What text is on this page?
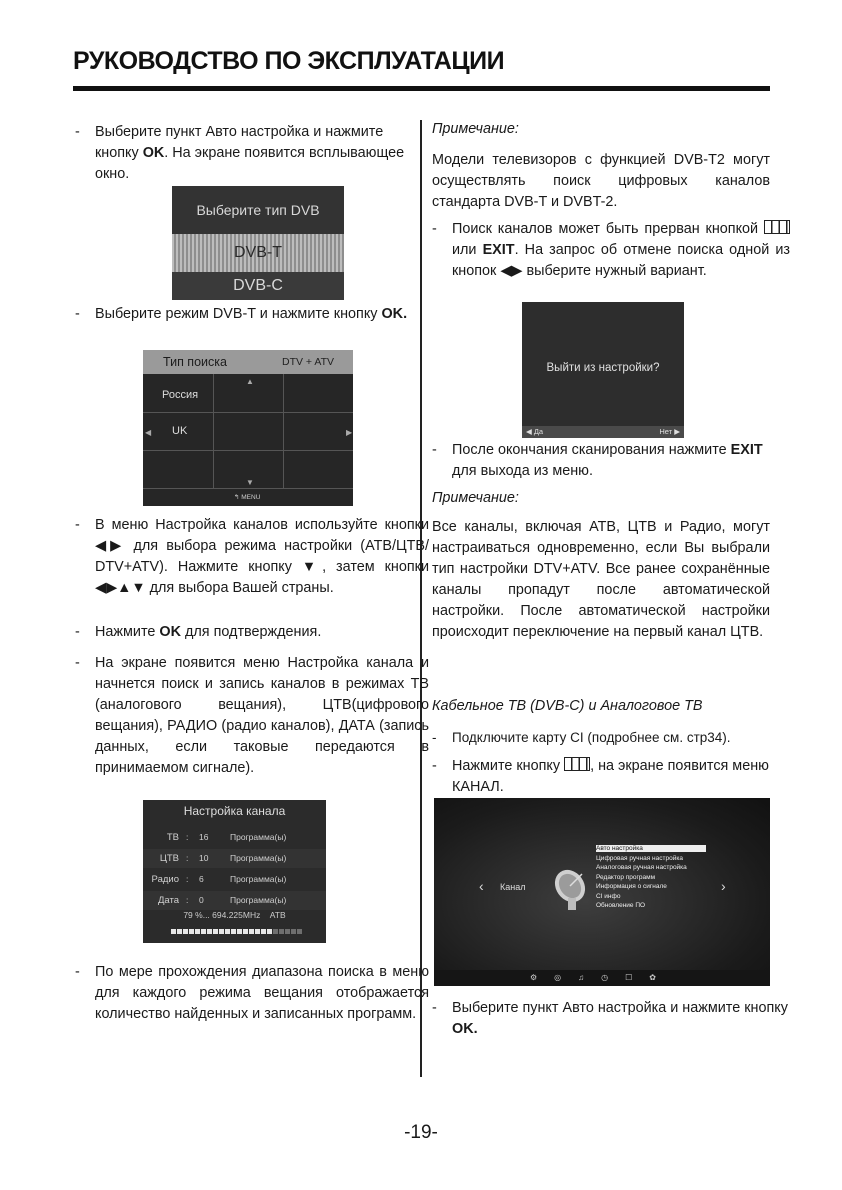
РУКОВОДСТВО ПО ЭКСПЛУАТАЦИИ
- Выберите пункт Авто настройка и нажмите кнопку OK. На экране появится всплывающее окно.
Выберите тип DVB
DVB-T
DVB-C
- Выберите режим DVB-T и нажмите кнопку OK.
Тип поиска	DTV + ATV
▲
Россия
◀ UK	▶
▼
↰ MENU
- В меню Настройка каналов используйте кнопки ◀▶ для выбора режима настройки (АТВ/ЦТВ/ DTV+ATV). Нажмите кнопку ▼, затем кнопки ◀▶▲▼ для выбора Вашей страны.
- Нажмите OK для подтверждения.
- На экране появится меню Настройка канала и начнется поиск и запись каналов в режимах ТВ (аналогового вещания), ЦТВ(цифрового вещания), РАДИО (радио каналов), ДАТА (запись данных, если таковые передаются в принимаемом сигнале).
Настройка канала
ТВ : 16	Программа(ы)
ЦТВ : 10	Программа(ы)
Радио : 6	Программа(ы)
Дата : 0	Программа(ы)
79 %... 694.225MHz    АТВ
- По мере прохождения диапазона поиска в меню для каждого режима вещания отображается количество найденных и записанных программ.
Примечание:
Модели телевизоров с функцией DVB-T2 могут осуществлять поиск цифровых каналов стандарта DVB-T и DVBT-2.
- Поиск каналов может быть прерван кнопкой  или EXIT. На запрос об отмене поиска одной из кнопок ◀▶ выберите нужный вариант.
Выйти из настройки?
◀ Да	Нет ▶
- После окончания сканирования нажмите EXIT для выхода из меню.
Примечание:
Все каналы, включая АТВ, ЦТВ и Радио, могут настраиваться одновременно, если Вы выбрали тип настройки DTV+ATV. Все ранее сохранённые каналы пропадут после автоматической настройки. После автоматической настройки происходит переключение на первый канал ЦТВ.
Кабельное ТВ (DVB-C) и Аналоговое ТВ
- Подключите карту CI (подробнее см. стр34).
- Нажмите кнопку , на экране появится меню КАНАЛ.
‹ Канал
Авто настройка
Цифровая ручная настройка
Аналоговая ручная настройка
Редактор программ
Информация о сигнале
CI инфо
Обновление ПО
›
⚙◎♫◷☐✿
- Выберите пункт Авто настройка и нажмите кнопку OK.
-19-
